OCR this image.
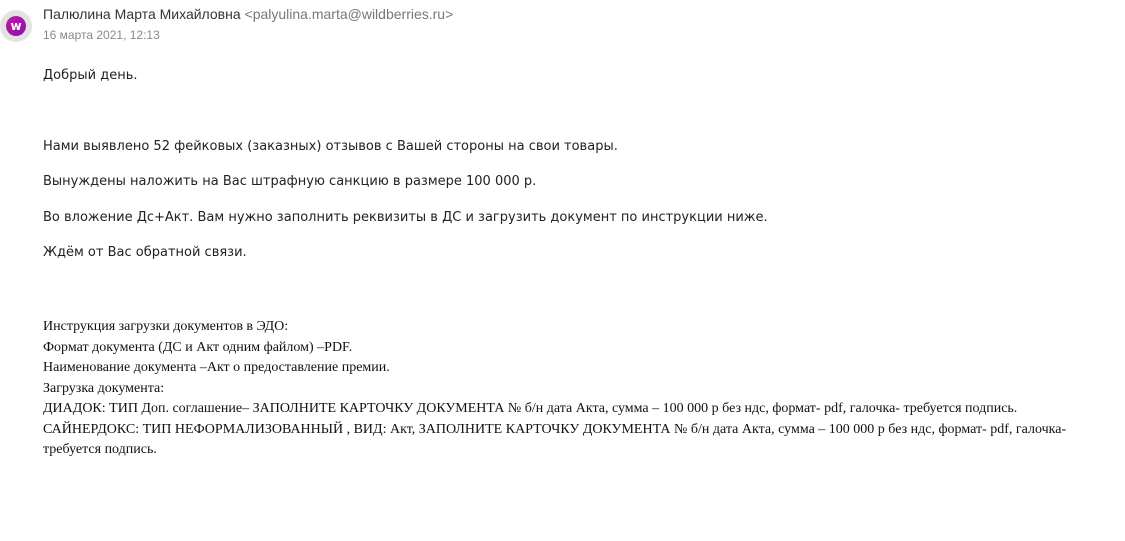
w
Палюлина Марта Михайловна <palyulina.marta@wildberries.ru>
16 марта 2021, 12:13
Добрый день.
Нами выявлено 52 фейковых (заказных) отзывов с Вашей стороны на свои товары.
Вынуждены наложить на Вас штрафную санкцию в размере 100 000 р.
Во вложение Дс+Акт. Вам нужно заполнить реквизиты в ДС и загрузить документ по инструкции ниже.
Ждём от Вас обратной связи.
Инструкция загрузки документов в ЭДО:
Формат документа (ДС и Акт одним файлом) –PDF.
Наименование документа –Акт о предоставление премии.
Загрузка документа:
ДИАДОК: ТИП Доп. соглашение– ЗАПОЛНИТЕ КАРТОЧКУ ДОКУМЕНТА № б/н дата Акта, сумма – 100 000 р без ндс, формат- pdf, галочка- требуется подпись.
САЙНЕРДОКС: ТИП НЕФОРМАЛИЗОВАННЫЙ , ВИД: Акт, ЗАПОЛНИТЕ КАРТОЧКУ ДОКУМЕНТА № б/н дата Акта, сумма – 100 000 р без ндс, формат- pdf, галочка- требуется подпись.
